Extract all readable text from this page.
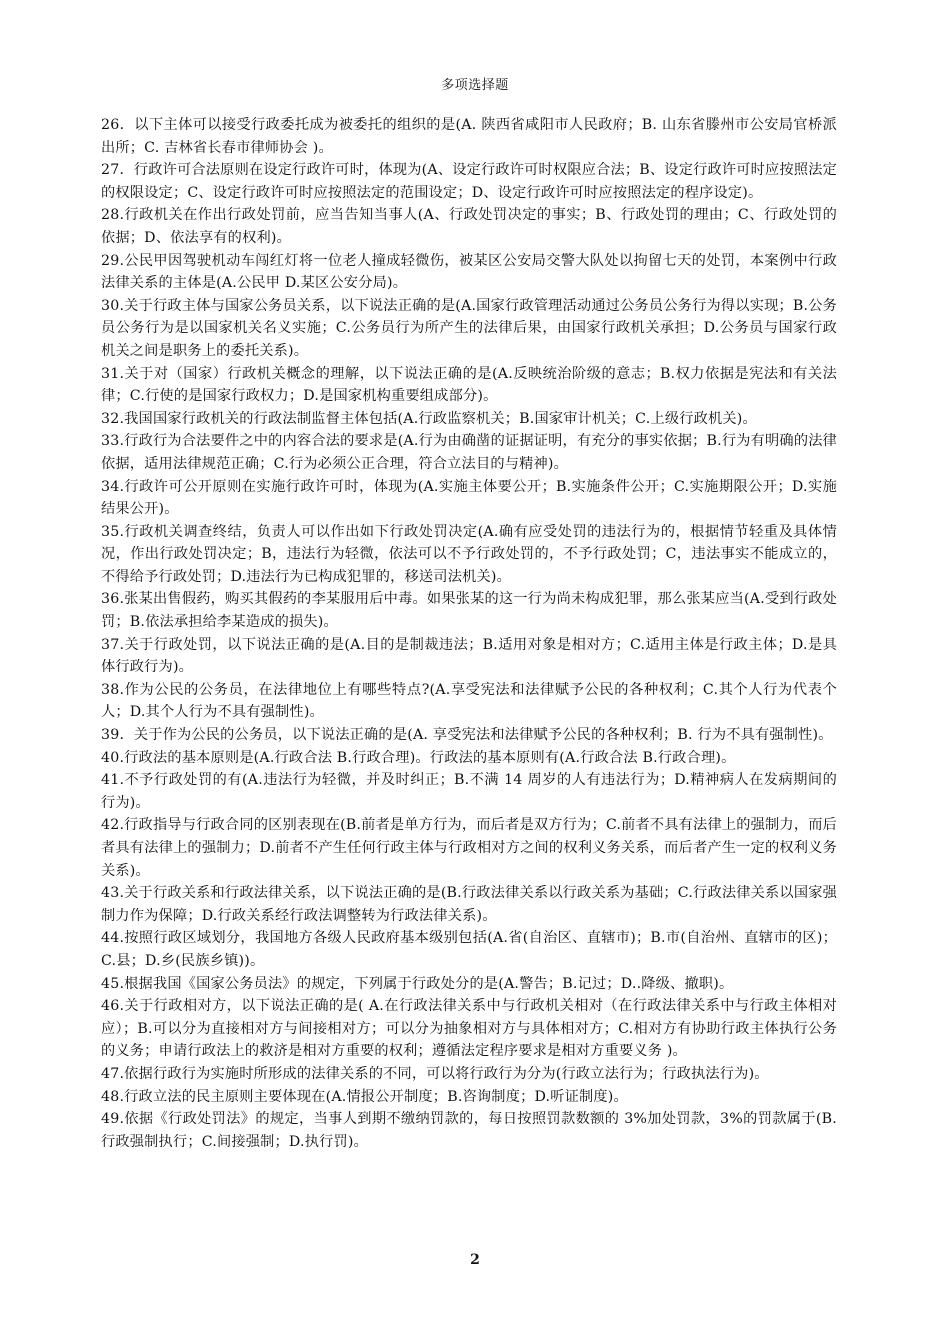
多项选择题

26．以下主体可以接受行政委托成为被委托的组织的是(A. 陕西省咸阳市人民政府；B. 山东省滕州市公安局官桥派出所；C. 吉林省长春市律师协会 )。

27．行政许可合法原则在设定行政许可时，体现为(A、设定行政许可时权限应合法；B、设定行政许可时应按照法定的权限设定；C、设定行政许可时应按照法定的范围设定；D、设定行政许可时应按照法定的程序设定)。

28.行政机关在作出行政处罚前，应当告知当事人(A、行政处罚决定的事实；B、行政处罚的理由；C、行政处罚的依据；D、依法享有的权利)。

29.公民甲因驾驶机动车闯红灯将一位老人撞成轻微伤，被某区公安局交警大队处以拘留七天的处罚，本案例中行政法律关系的主体是(A.公民甲 D.某区公安分局)。

30.关于行政主体与国家公务员关系，以下说法正确的是(A.国家行政管理活动通过公务员公务行为得以实现；B.公务员公务行为是以国家机关名义实施；C.公务员行为所产生的法律后果，由国家行政机关承担；D.公务员与国家行政机关之间是职务上的委托关系)。

31.关于对（国家）行政机关概念的理解，以下说法正确的是(A.反映统治阶级的意志；B.权力依据是宪法和有关法律；C.行使的是国家行政权力；D.是国家机构重要组成部分)。

32.我国国家行政机关的行政法制监督主体包括(A.行政监察机关；B.国家审计机关；C.上级行政机关)。

33.行政行为合法要件之中的内容合法的要求是(A.行为由确凿的证据证明，有充分的事实依据；B.行为有明确的法律依据，适用法律规范正确；C.行为必须公正合理，符合立法目的与精神)。

34.行政许可公开原则在实施行政许可时，体现为(A.实施主体要公开；B.实施条件公开；C.实施期限公开；D.实施结果公开)。

35.行政机关调查终结，负责人可以作出如下行政处罚决定(A.确有应受处罚的违法行为的，根据情节轻重及具体情况，作出行政处罚决定；B，违法行为轻微，依法可以不予行政处罚的，不予行政处罚；C，违法事实不能成立的，不得给予行政处罚；D.违法行为已构成犯罪的，移送司法机关)。

36.张某出售假药，购买其假药的李某服用后中毒。如果张某的这一行为尚未构成犯罪，那么张某应当(A.受到行政处罚；B.依法承担给李某造成的损失)。

37.关于行政处罚，以下说法正确的是(A.目的是制裁违法；B.适用对象是相对方；C.适用主体是行政主体；D.是具体行政行为)。

38.作为公民的公务员，在法律地位上有哪些特点?(A.享受宪法和法律赋予公民的各种权利；C.其个人行为代表个人；D.其个人行为不具有强制性)。

39．关于作为公民的公务员，以下说法正确的是(A. 享受宪法和法律赋予公民的各种权利；B. 行为不具有强制性)。

40.行政法的基本原则是(A.行政合法 B.行政合理)。行政法的基本原则有(A.行政合法 B.行政合理)。

41.不予行政处罚的有(A.违法行为轻微，并及时纠正；B.不满 14 周岁的人有违法行为；D.精神病人在发病期间的行为)。

42.行政指导与行政合同的区别表现在(B.前者是单方行为，而后者是双方行为；C.前者不具有法律上的强制力，而后者具有法律上的强制力；D.前者不产生任何行政主体与行政相对方之间的权利义务关系，而后者产生一定的权利义务关系)。

43.关于行政关系和行政法律关系，以下说法正确的是(B.行政法律关系以行政关系为基础；C.行政法律关系以国家强制力作为保障；D.行政关系经行政法调整转为行政法律关系)。

44.按照行政区域划分，我国地方各级人民政府基本级别包括(A.省(自治区、直辖市)；B.市(自治州、直辖市的区)；C.县；D.乡(民族乡镇))。

45.根据我国《国家公务员法》的规定，下列属于行政处分的是(A.警告；B.记过；D..降级、撤职)。

46.关于行政相对方，以下说法正确的是( A.在行政法律关系中与行政机关相对（在行政法律关系中与行政主体相对应）；B.可以分为直接相对方与间接相对方；可以分为抽象相对方与具体相对方；C.相对方有协助行政主体执行公务的义务；申请行政法上的救济是相对方重要的权利；遵循法定程序要求是相对方重要义务 )。

47.依据行政行为实施时所形成的法律关系的不同，可以将行政行为分为(行政立法行为；行政执法行为)。

48.行政立法的民主原则主要体现在(A.情报公开制度；B.咨询制度；D.听证制度)。

49.依据《行政处罚法》的规定，当事人到期不缴纳罚款的，每日按照罚款数额的 3%加处罚款，3%的罚款属于(B.行政强制执行；C.间接强制；D.执行罚)。

2
